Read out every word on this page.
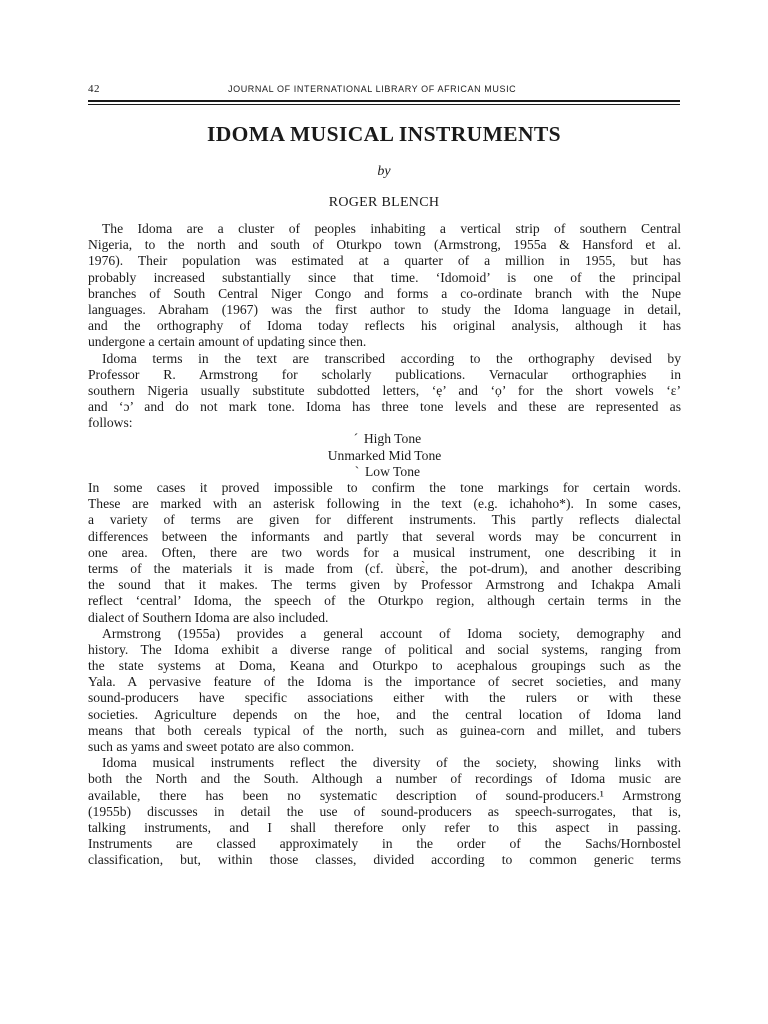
42	JOURNAL OF INTERNATIONAL LIBRARY OF AFRICAN MUSIC
IDOMA MUSICAL INSTRUMENTS
by
ROGER BLENCH
The Idoma are a cluster of peoples inhabiting a vertical strip of southern Central
Nigeria, to the north and south of Oturkpo town (Armstrong, 1955a & Hansford et al.
1976). Their population was estimated at a quarter of a million in 1955, but has
probably increased substantially since that time. ‘Idomoid’ is one of the principal
branches of South Central Niger Congo and forms a co-ordinate branch with the Nupe
languages. Abraham (1967) was the first author to study the Idoma language in detail,
and the orthography of Idoma today reflects his original analysis, although it has
undergone a certain amount of updating since then.
Idoma terms in the text are transcribed according to the orthography devised by
Professor R. Armstrong for scholarly publications. Vernacular orthographies in
southern Nigeria usually substitute subdotted letters, ‘ẹ’ and ‘ọ’ for the short vowels ‘ɛ’
and ‘ɔ’ and do not mark tone. Idoma has three tone levels and these are represented as
follows:
´ High Tone
Unmarked Mid Tone
` Low Tone
In some cases it proved impossible to confirm the tone markings for certain words.
These are marked with an asterisk following in the text (e.g. ichahoho*). In some cases,
a variety of terms are given for different instruments. This partly reflects dialectal
differences between the informants and partly that several words may be concurrent in
one area. Often, there are two words for a musical instrument, one describing it in
terms of the materials it is made from (cf. ùbɛrɛ̀, the pot-drum), and another describing
the sound that it makes. The terms given by Professor Armstrong and Ichakpa Amali
reflect ‘central’ Idoma, the speech of the Oturkpo region, although certain terms in the
dialect of Southern Idoma are also included.
Armstrong (1955a) provides a general account of Idoma society, demography and
history. The Idoma exhibit a diverse range of political and social systems, ranging from
the state systems at Doma, Keana and Oturkpo to acephalous groupings such as the
Yala. A pervasive feature of the Idoma is the importance of secret societies, and many
sound-producers have specific associations either with the rulers or with these
societies. Agriculture depends on the hoe, and the central location of Idoma land
means that both cereals typical of the north, such as guinea-corn and millet, and tubers
such as yams and sweet potato are also common.
Idoma musical instruments reflect the diversity of the society, showing links with
both the North and the South. Although a number of recordings of Idoma music are
available, there has been no systematic description of sound-producers.¹ Armstrong
(1955b) discusses in detail the use of sound-producers as speech-surrogates, that is,
talking instruments, and I shall therefore only refer to this aspect in passing.
Instruments are classed approximately in the order of the Sachs/Hornbostel
classification, but, within those classes, divided according to common generic terms
